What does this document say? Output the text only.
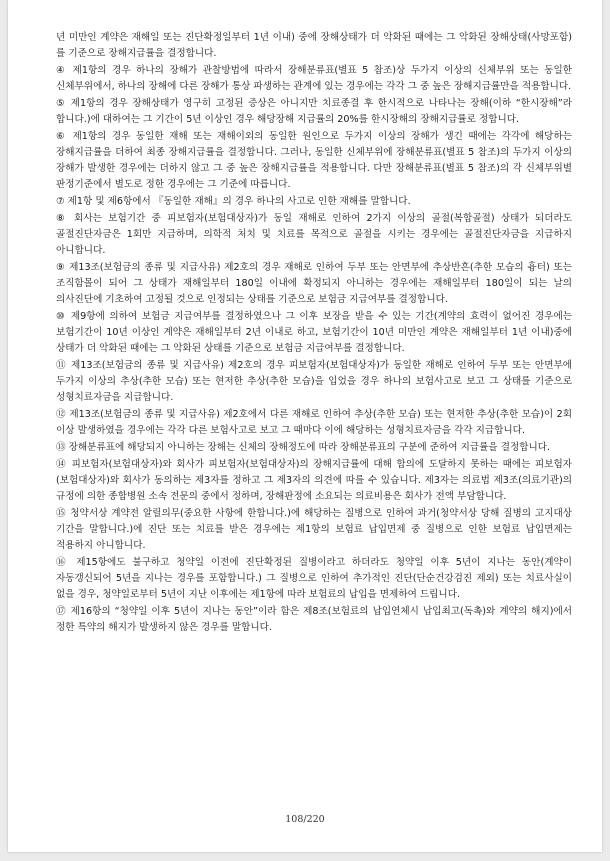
년 미만인 계약은 재해일 또는 진단확정일부터 1년 이내) 중에 장해상태가 더 악화된 때에는 그 악화된 장해상태(사망포함)를 기준으로 장해지급률을 결정합니다.

④ 제1항의 경우 하나의 장해가 관찰방법에 따라서 장해분류표(별표 5 참조)상 두가지 이상의 신체부위 또는 동일한 신체부위에서, 하나의 장해에 다른 장해가 통상 파생하는 관계에 있는 경우에는 각각 그 중 높은 장해지급률만을 적용합니다.

⑤ 제1항의 경우 장해상태가 영구히 고정된 증상은 아니지만 치료종결 후 한시적으로 나타나는 장해(이하 “한시장해”라 합니다.)에 대하여는 그 기간이 5년 이상인 경우 해당장해 지급률의 20%를 한시장해의 장해지급률로 정합니다.

⑥ 제1항의 경우 동일한 재해 또는 재해이외의 동일한 원인으로 두가지 이상의 장해가 생긴 때에는 각각에 해당하는 장해지급률을 더하여 최종 장해지급률을 결정합니다. 그러나, 동일한 신체부위에 장해분류표(별표 5 참조)의 두가지 이상의 장해가 발생한 경우에는 더하지 않고 그 중 높은 장해지급률을 적용합니다. 다만 장해분류표(별표 5 참조)의 각 신체부위별 판정기준에서 별도로 정한 경우에는 그 기준에 따릅니다.

⑦ 제1항 및 제6항에서 『동일한 재해』의 경우 하나의 사고로 인한 재해를 말합니다.

⑧ 회사는 보험기간 중 피보험자(보험대상자)가 동일 재해로 인하여 2가지 이상의 골절(복합골절) 상태가 되더라도 골절진단자금은 1회만 지급하며, 의학적 처치 및 치료를 목적으로 골절을 시키는 경우에는 골절진단자금을 지급하지 아니합니다.

⑨ 제13조(보험금의 종류 및 지급사유) 제2호의 경우 재해로 인하여 두부 또는 안면부에 추상반흔(추한 모습의 흉터) 또는 조직함몰이 되어 그 상태가 재해일부터 180일 이내에 확정되지 아니하는 경우에는 재해일부터 180일이 되는 날의 의사진단에 기초하여 고정될 것으로 인정되는 상태를 기준으로 보험금 지급여부를 결정합니다.

⑩ 제9항에 의하여 보험금 지급여부를 결정하였으나 그 이후 보장을 받을 수 있는 기간(계약의 효력이 없어진 경우에는 보험기간이 10년 이상인 계약은 재해일부터 2년 이내로 하고, 보험기간이 10년 미만인 계약은 재해일부터 1년 이내)중에 상태가 더 악화된 때에는 그 악화된 상태를 기준으로 보험금 지급여부를 결정합니다.

⑪ 제13조(보험금의 종류 및 지급사유) 제2호의 경우 피보험자(보험대상자)가 동일한 재해로 인하여 두부 또는 안면부에 두가지 이상의 추상(추한 모습) 또는 현저한 추상(추한 모습)을 입었을 경우 하나의 보험사고로 보고 그 상태를 기준으로 성형치료자금을 지급합니다.

⑫ 제13조(보험금의 종류 및 지급사유) 제2호에서 다른 재해로 인하여 추상(추한 모습) 또는 현저한 추상(추한 모습)이 2회 이상 발생하였을 경우에는 각각 다른 보험사고로 보고 그 때마다 이에 해당하는 성형치료자금을 각각 지급합니다.

⑬ 장해분류표에 해당되지 아니하는 장해는 신체의 장해정도에 따라 장해분류표의 구분에 준하여 지급률을 결정합니다.

⑭ 피보험자(보험대상자)와 회사가 피보험자(보험대상자)의 장해지급률에 대해 합의에 도달하지 못하는 때에는 피보험자(보험대상자)와 회사가 동의하는 제3자를 정하고 그 제3자의 의견에 따를 수 있습니다. 제3자는 의료법 제3조(의료기관)의 규정에 의한 종합병원 소속 전문의 중에서 정하며, 장해판정에 소요되는 의료비용은 회사가 전액 부담합니다.

⑮ 청약서상 계약전 알릴의무(중요한 사항에 한합니다.)에 해당하는 질병으로 인하여 과거(청약서상 당해 질병의 고지대상 기간을 말합니다.)에 진단 또는 치료를 받은 경우에는 제1항의 보험료 납입면제 중 질병으로 인한 보험료 납입면제는 적용하지 아니합니다.

⑯ 제15항에도 불구하고 청약일 이전에 진단확정된 질병이라고 하더라도 청약일 이후 5년이 지나는 동안(계약이 자동갱신되어 5년을 지나는 경우를 포함합니다.) 그 질병으로 인하여 추가적인 진단(단순건강검진 제외) 또는 치료사실이 없을 경우, 청약일로부터 5년이 지난 이후에는 제1항에 따라 보험료의 납입을 면제하여 드립니다.

⑰ 제16항의 “청약일 이후 5년이 지나는 동안”이라 함은 제8조(보험료의 납입연체시 납입최고(독촉)와 계약의 해지)에서 정한 특약의 해지가 발생하지 않은 경우를 말합니다.

108/220
